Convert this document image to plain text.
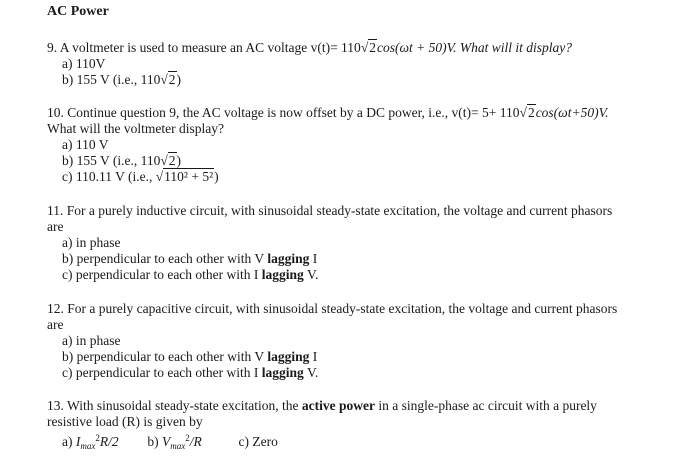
AC Power
9. A voltmeter is used to measure an AC voltage v(t)= 110√2cos(ωt + 50)V. What will it display?
a) 110V
b) 155 V (i.e., 110√2)
10. Continue question 9, the AC voltage is now offset by a DC power, i.e., v(t)= 5+ 110√2cos(ωt+50)V.
What will the voltmeter display?
a) 110 V
b) 155 V (i.e., 110√2)
c) 110.11 V (i.e., √110² + 5²)
11. For a purely inductive circuit, with sinusoidal steady-state excitation, the voltage and current phasors
are
a) in phase
b) perpendicular to each other with V lagging I
c) perpendicular to each other with I lagging V.
12. For a purely capacitive circuit, with sinusoidal steady-state excitation, the voltage and current phasors
are
a) in phase
b) perpendicular to each other with V lagging I
c) perpendicular to each other with I lagging V.
13. With sinusoidal steady-state excitation, the active power in a single-phase ac circuit with a purely
resistive load (R) is given by
a) $I_{max}^2R/2$ b) $V_{max}^2/R$	c) Zero
